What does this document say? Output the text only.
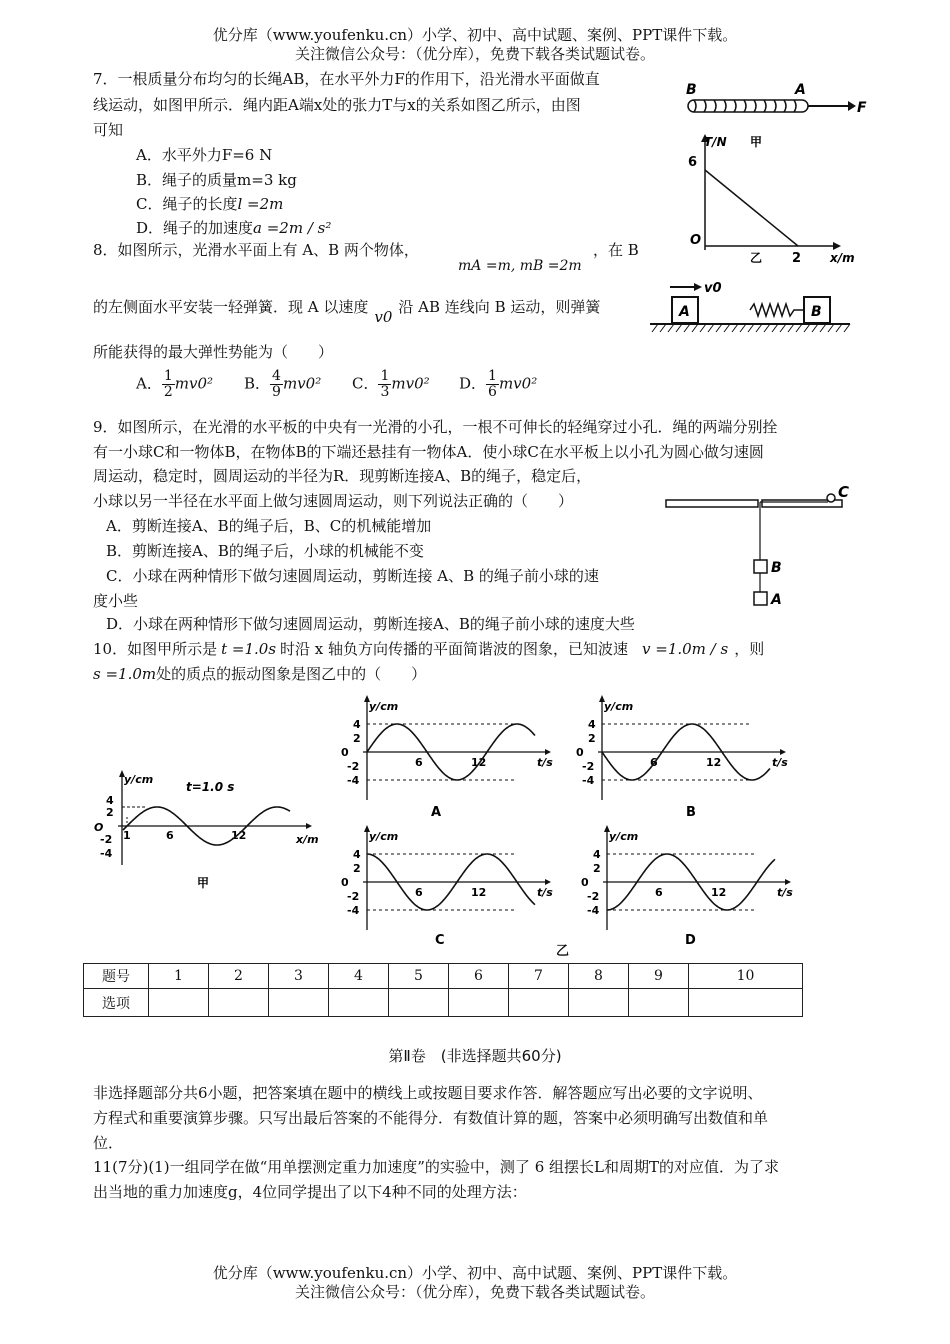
优分库（www.youfenku.cn）小学、初中、高中试题、案例、PPT课件下载。
关注微信公众号：（优分库），免费下载各类试题试卷。
7．一根质量分布均匀的长绳AB，在水平外力F的作用下，沿光滑水平面做直
线运动，如图甲所示．绳内距A端x处的张力T与x的关系如图乙所示，由图
可知
A．水平外力F=6 N
B．绳子的质量m=3 kg
C．绳子的长度l =2m
D．绳子的加速度a =2m / s²
B	A
F
T/N 甲
6
O
2 x/m
乙
8．如图所示，光滑水平面上有 A、B 两个物体，
mA =m, mB =2m
，在 B
的左侧面水平安装一轻弹簧．现 A 以速度v0沿 AB 连线向 B 运动，则弹簧
所能获得的最大弹性势能为（　　）
A． $\frac{1}{2} mv0^2$ B． $\frac{4}{9} mv0^2$ C． $\frac{1}{3} mv0^2$ D． $\frac{1}{6} mv0^2$
v0
A	B
9．如图所示，在光滑的水平板的中央有一光滑的小孔，一根不可伸长的轻绳穿过小孔．绳的两端分别拴
有一小球C和一物体B，在物体B的下端还悬挂有一物体A．使小球C在水平板上以小孔为圆心做匀速圆
周运动，稳定时，圆周运动的半径为R．现剪断连接A、B的绳子，稳定后，
小球以另一半径在水平面上做匀速圆周运动，则下列说法正确的（　　）
A．剪断连接A、B的绳子后，B、C的机械能增加
B．剪断连接A、B的绳子后，小球的机械能不变
C．小球在两种情形下做匀速圆周运动，剪断连接 A、B 的绳子前小球的速
度小些
D．小球在两种情形下做匀速圆周运动，剪断连接A、B的绳子前小球的速度大些
C
B
A
10．如图甲所示是 t =1.0s 时沿 x 轴负方向传播的平面简谐波的图象，已知波速 v =1.0m / s ，则
s =1.0m处的质点的振动图象是图乙中的（　　）
y/cm
t=1.0 s
4
2
O
-2
-4
1	6	12	x/m
甲
y/cm
4
2
0
-2
-4
6	12	t/s
A
y/cm
4
2
0
-2
-4
6	12	t/s
B
y/cm
4
2
0
-2
-4
6	12	t/s
C
y/cm
4
2
0
-2
-4
6	12	t/s
D
乙
题号	1	2	3	4	5	6	7	8	9	10
选项										
第Ⅱ卷　(非选择题共60分)
非选择题部分共6小题，把答案填在题中的横线上或按题目要求作答．解答题应写出必要的文字说明、
方程式和重要演算步骤。只写出最后答案的不能得分．有数值计算的题，答案中必须明确写出数值和单
位．
11(7分)(1)一组同学在做“用单摆测定重力加速度”的实验中，测了 6 组摆长L和周期T的对应值．为了求
出当地的重力加速度g，4位同学提出了以下4种不同的处理方法：
优分库（www.youfenku.cn）小学、初中、高中试题、案例、PPT课件下载。
关注微信公众号：（优分库），免费下载各类试题试卷。
